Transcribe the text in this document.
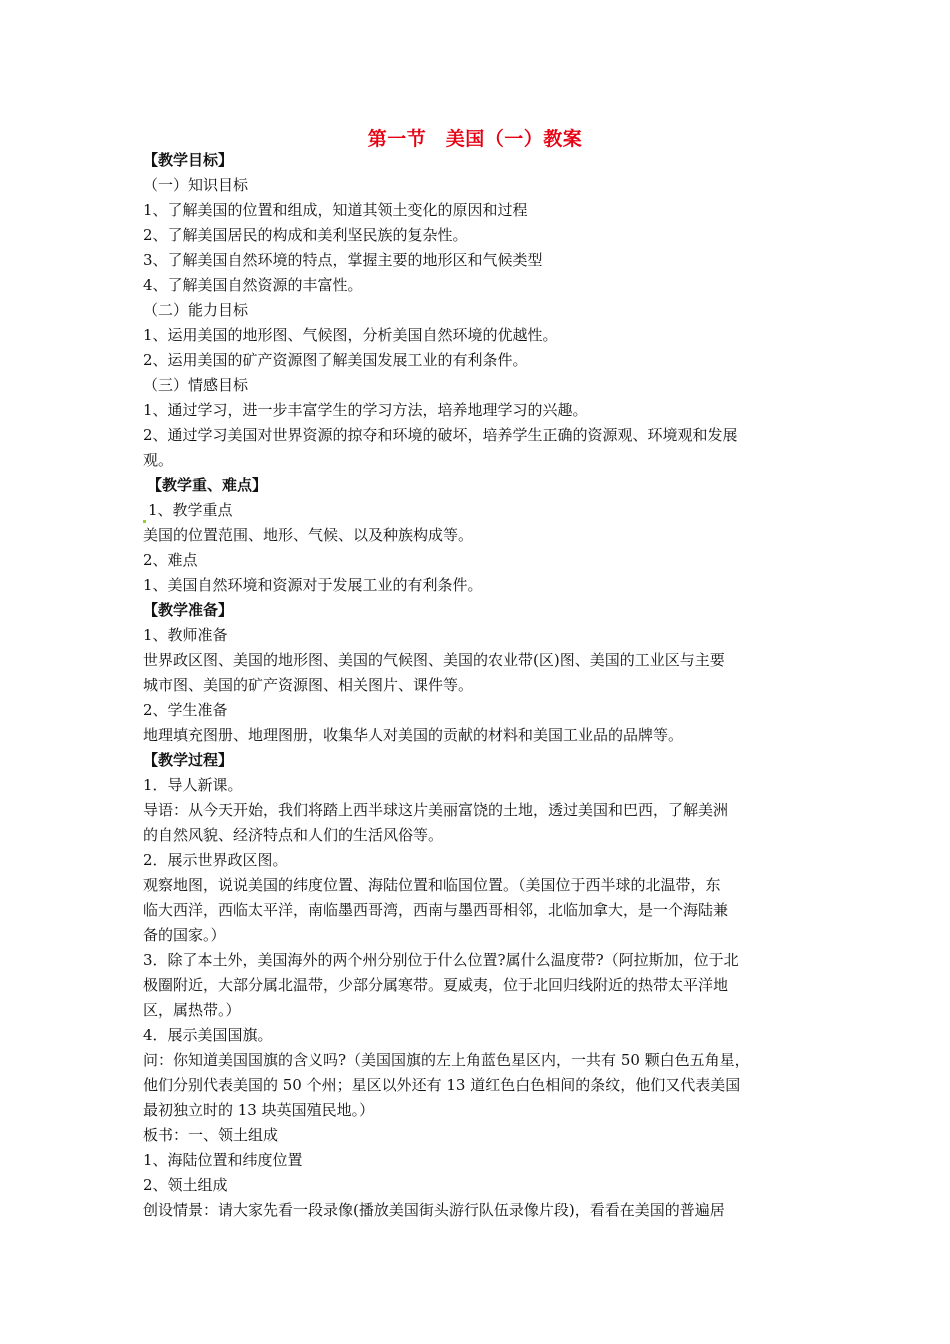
第一节　美国（一）教案
【教学目标】
（一）知识目标
1、了解美国的位置和组成，知道其领土变化的原因和过程
2、了解美国居民的构成和美利坚民族的复杂性。
3、了解美国自然环境的特点，掌握主要的地形区和气候类型
4、了解美国自然资源的丰富性。
（二）能力目标
1、运用美国的地形图、气候图，分析美国自然环境的优越性。
2、运用美国的矿产资源图了解美国发展工业的有利条件。
（三）情感目标
1、通过学习，进一步丰富学生的学习方法，培养地理学习的兴趣。
2、通过学习美国对世界资源的掠夺和环境的破坏，培养学生正确的资源观、环境观和发展
观。
【教学重、难点】
1、教学重点
美国的位置范围、地形、气候、以及种族构成等。
2、难点
1、美国自然环境和资源对于发展工业的有利条件。
【教学准备】
1、教师准备
世界政区图、美国的地形图、美国的气候图、美国的农业带(区)图、美国的工业区与主要
城市图、美国的矿产资源图、相关图片、课件等。
2、学生准备
地理填充图册、地理图册，收集华人对美国的贡献的材料和美国工业品的品牌等。
【教学过程】
1．导人新课。
导语：从今天开始，我们将踏上西半球这片美丽富饶的土地，透过美国和巴西，了解美洲
的自然风貌、经济特点和人们的生活风俗等。
2．展示世界政区图。
观察地图，说说美国的纬度位置、海陆位置和临国位置。（美国位于西半球的北温带，东
临大西洋，西临太平洋，南临墨西哥湾，西南与墨西哥相邻，北临加拿大，是一个海陆兼
备的国家。）
3．除了本土外，美国海外的两个州分别位于什么位置?属什么温度带?（阿拉斯加，位于北
极圈附近，大部分属北温带，少部分属寒带。夏威夷，位于北回归线附近的热带太平洋地
区，属热带。）
4．展示美国国旗。
问：你知道美国国旗的含义吗?（美国国旗的左上角蓝色星区内，一共有 50 颗白色五角星，
他们分别代表美国的 50 个州；星区以外还有 13 道红色白色相间的条纹，他们又代表美国
最初独立时的 13 块英国殖民地。）
板书：一、领土组成
1、海陆位置和纬度位置
2、领土组成
创设情景：请大家先看一段录像(播放美国街头游行队伍录像片段)，看看在美国的普遍居
